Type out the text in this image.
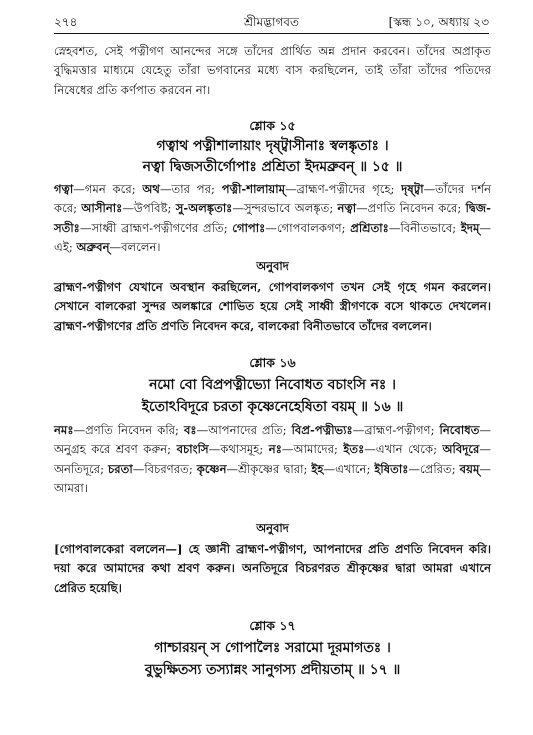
২৭৪	শ্রীমদ্ভাগবত	[স্কন্ধ ১০, অধ্যায় ২৩
স্নেহবশত, সেই পত্নীগণ আনন্দের সঙ্গে তাঁদের প্রার্থিত অন্ন প্রদান করবেন। তাঁদের অপ্রাকৃত বুদ্ধিমত্তার মাধ্যমে যেহেতু তাঁরা ভগবানের মধ্যে বাস করছিলেন, তাই তাঁরা তাঁদের পতিদের নিষেধের প্রতি কর্ণপাত করবেন না।
শ্লোক ১৫
গত্বাথ পত্নীশালায়াং দৃষ্ট্বাসীনাঃ স্বলঙ্কৃতাঃ ।
নত্বা দ্বিজসতীর্গোপাঃ প্রশ্রিতা ইদমব্রুবন্ ॥ ১৫ ॥
গত্বা—গমন করে; অথ—তার পর; পত্নী-শালায়াম্—ব্রাহ্মণ-পত্নীদের গৃহে; দৃষ্ট্বা—তাঁদের দর্শন করে; আসীনাঃ—উপবিষ্ট; সু-অলঙ্কৃতাঃ—সুন্দরভাবে অলঙ্কৃত; নত্বা—প্রণতি নিবেদন করে; দ্বিজ-সতীঃ—সাধ্বী ব্রাহ্মণ-পত্নীগণের প্রতি; গোপাঃ—গোপবালকগণ; প্রশ্রিতাঃ—বিনীতভাবে; ইদম্—এই; অব্রুবন্—বললেন।
অনুবাদ
ব্রাহ্মণ-পত্নীগণ যেখানে অবস্থান করছিলেন, গোপবালকগণ তখন সেই গৃহে গমন করলেন। সেখানে বালকেরা সুন্দর অলঙ্কারে শোভিত হয়ে সেই সাধ্বী স্ত্রীগণকে বসে থাকতে দেখলেন। ব্রাহ্মণ-পত্নীগণের প্রতি প্রণতি নিবেদন করে, বালকেরা বিনীতভাবে তাঁদের বললেন।
শ্লোক ১৬
নমো বো বিপ্রপত্নীভ্যো নিবোধত বচাংসি নঃ ।
ইতোঽবিদূরে চরতা কৃষ্ণেনেহেষিতা বয়ম্ ॥ ১৬ ॥
নমঃ—প্রণতি নিবেদন করি; বঃ—আপনাদের প্রতি; বিপ্র-পত্নীভ্যঃ—ব্রাহ্মণ-পত্নীগণ; নিবোধত—অনুগ্রহ করে শ্রবণ করুন; বচাংসি—কথাসমূহ; নঃ—আমাদের; ইতঃ—এখান থেকে; অবিদূরে—অনতিদূরে; চরতা—বিচরণরত; কৃষ্ণেন—শ্রীকৃষ্ণের দ্বারা; ইহ—এখানে; ইষিতাঃ—প্রেরিত; বয়ম্—আমরা।
অনুবাদ
[গোপবালকেরা বললেন—] হে জ্ঞানী ব্রাহ্মণ-পত্নীগণ, আপনাদের প্রতি প্রণতি নিবেদন করি। দয়া করে আমাদের কথা শ্রবণ করুন। অনতিদূরে বিচরণরত শ্রীকৃষ্ণের দ্বারা আমরা এখানে প্রেরিত হয়েছি।
শ্লোক ১৭
গাশ্চারয়ন্ স গোপালৈঃ সরামো দূরমাগতঃ ।
বুভুক্ষিতস্য তস্যান্নং সানুগস্য প্রদীয়তাম্ ॥ ১৭ ॥
